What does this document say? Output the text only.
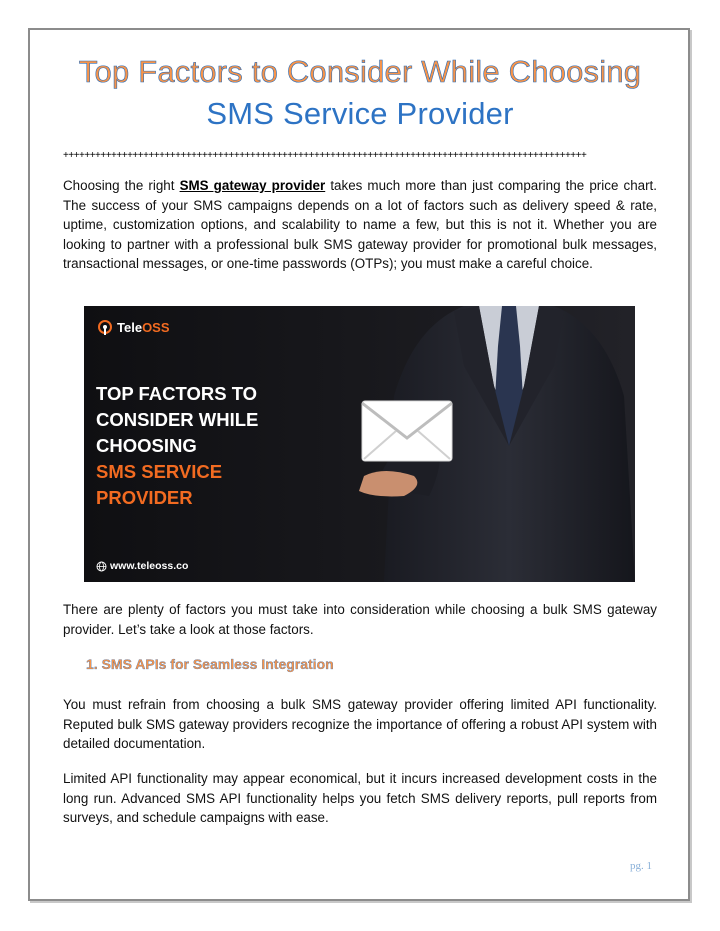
Top Factors to Consider While Choosing
SMS Service Provider
++++++++++++++++++++++++++++++++++++++++++++++++++++++++++++++++++++++++++++++++++++++++++++++++++
Choosing the right SMS gateway provider takes much more than just comparing the price chart. The success of your SMS campaigns depends on a lot of factors such as delivery speed & rate, uptime, customization options, and scalability to name a few, but this is not it. Whether you are looking to partner with a professional bulk SMS gateway provider for promotional bulk messages, transactional messages, or one-time passwords (OTPs); you must make a careful choice.
Tele OSS
TOP FACTORS TO
CONSIDER WHILE
CHOOSING
SMS SERVICE
PROVIDER
www.teleoss.co
There are plenty of factors you must take into consideration while choosing a bulk SMS gateway provider. Let’s take a look at those factors.
1. SMS APIs for Seamless Integration
You must refrain from choosing a bulk SMS gateway provider offering limited API functionality. Reputed bulk SMS gateway providers recognize the importance of offering a robust API system with detailed documentation.
Limited API functionality may appear economical, but it incurs increased development costs in the long run. Advanced SMS API functionality helps you fetch SMS delivery reports, pull reports from surveys, and schedule campaigns with ease.
pg. 1
